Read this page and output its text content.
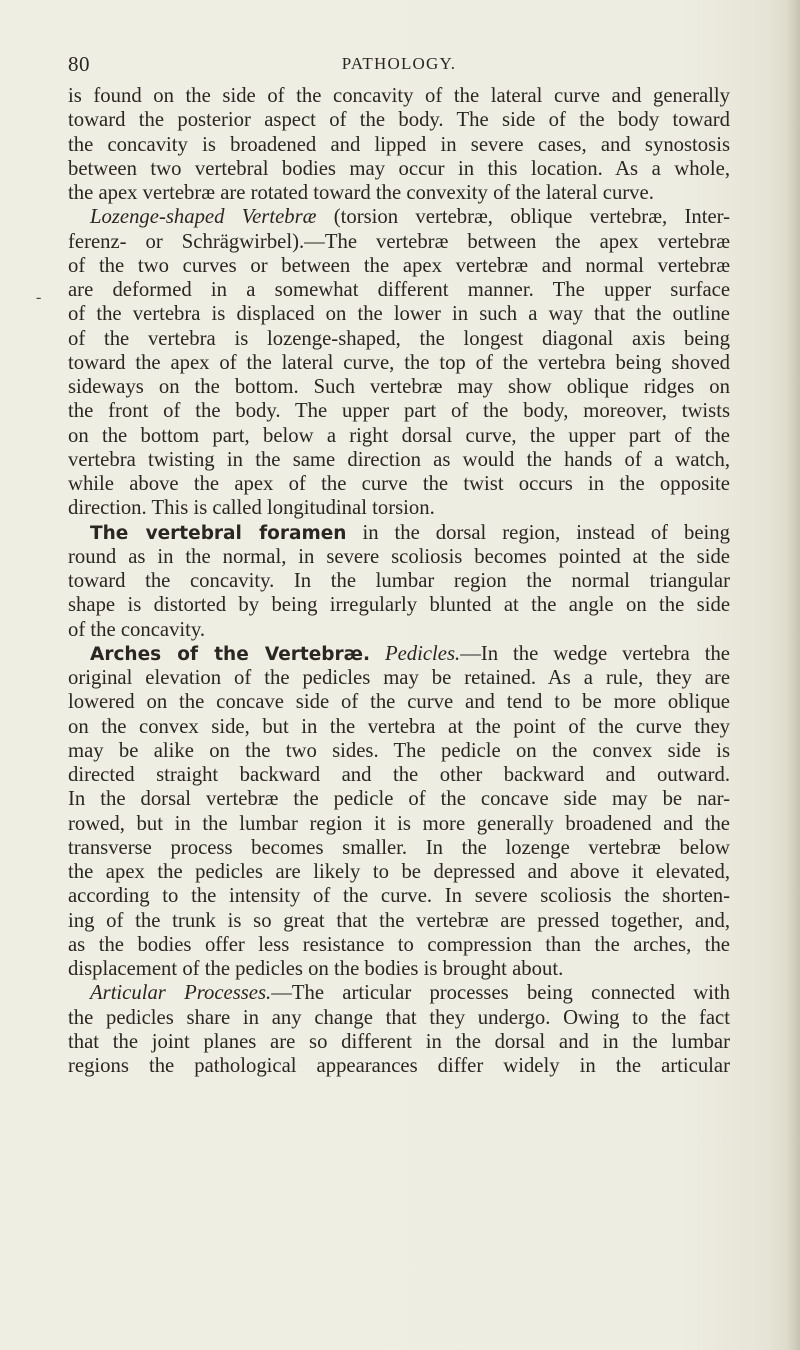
80	PATHOLOGY.
-
is found on the side of the concavity of the lateral curve and generally
toward the posterior aspect of the body. The side of the body toward
the concavity is broadened and lipped in severe cases, and synostosis
between two vertebral bodies may occur in this location. As a whole,
the apex vertebræ are rotated toward the convexity of the lateral curve.
Lozenge-shaped Vertebræ (torsion vertebræ, oblique vertebræ, Inter-
ferenz- or Schrägwirbel).—The vertebræ between the apex vertebræ
of the two curves or between the apex vertebræ and normal vertebræ
are deformed in a somewhat different manner. The upper surface
of the vertebra is displaced on the lower in such a way that the outline
of the vertebra is lozenge-shaped, the longest diagonal axis being
toward the apex of the lateral curve, the top of the vertebra being shoved
sideways on the bottom. Such vertebræ may show oblique ridges on
the front of the body. The upper part of the body, moreover, twists
on the bottom part, below a right dorsal curve, the upper part of the
vertebra twisting in the same direction as would the hands of a watch,
while above the apex of the curve the twist occurs in the opposite
direction. This is called longitudinal torsion.
The vertebral foramen in the dorsal region, instead of being
round as in the normal, in severe scoliosis becomes pointed at the side
toward the concavity. In the lumbar region the normal triangular
shape is distorted by being irregularly blunted at the angle on the side
of the concavity.
Arches of the Vertebræ. Pedicles.—In the wedge vertebra the
original elevation of the pedicles may be retained. As a rule, they are
lowered on the concave side of the curve and tend to be more oblique
on the convex side, but in the vertebra at the point of the curve they
may be alike on the two sides. The pedicle on the convex side is
directed straight backward and the other backward and outward.
In the dorsal vertebræ the pedicle of the concave side may be nar-
rowed, but in the lumbar region it is more generally broadened and the
transverse process becomes smaller. In the lozenge vertebræ below
the apex the pedicles are likely to be depressed and above it elevated,
according to the intensity of the curve. In severe scoliosis the shorten-
ing of the trunk is so great that the vertebræ are pressed together, and,
as the bodies offer less resistance to compression than the arches, the
displacement of the pedicles on the bodies is brought about.
Articular Processes.—The articular processes being connected with
the pedicles share in any change that they undergo. Owing to the fact
that the joint planes are so different in the dorsal and in the lumbar
regions the pathological appearances differ widely in the articular
